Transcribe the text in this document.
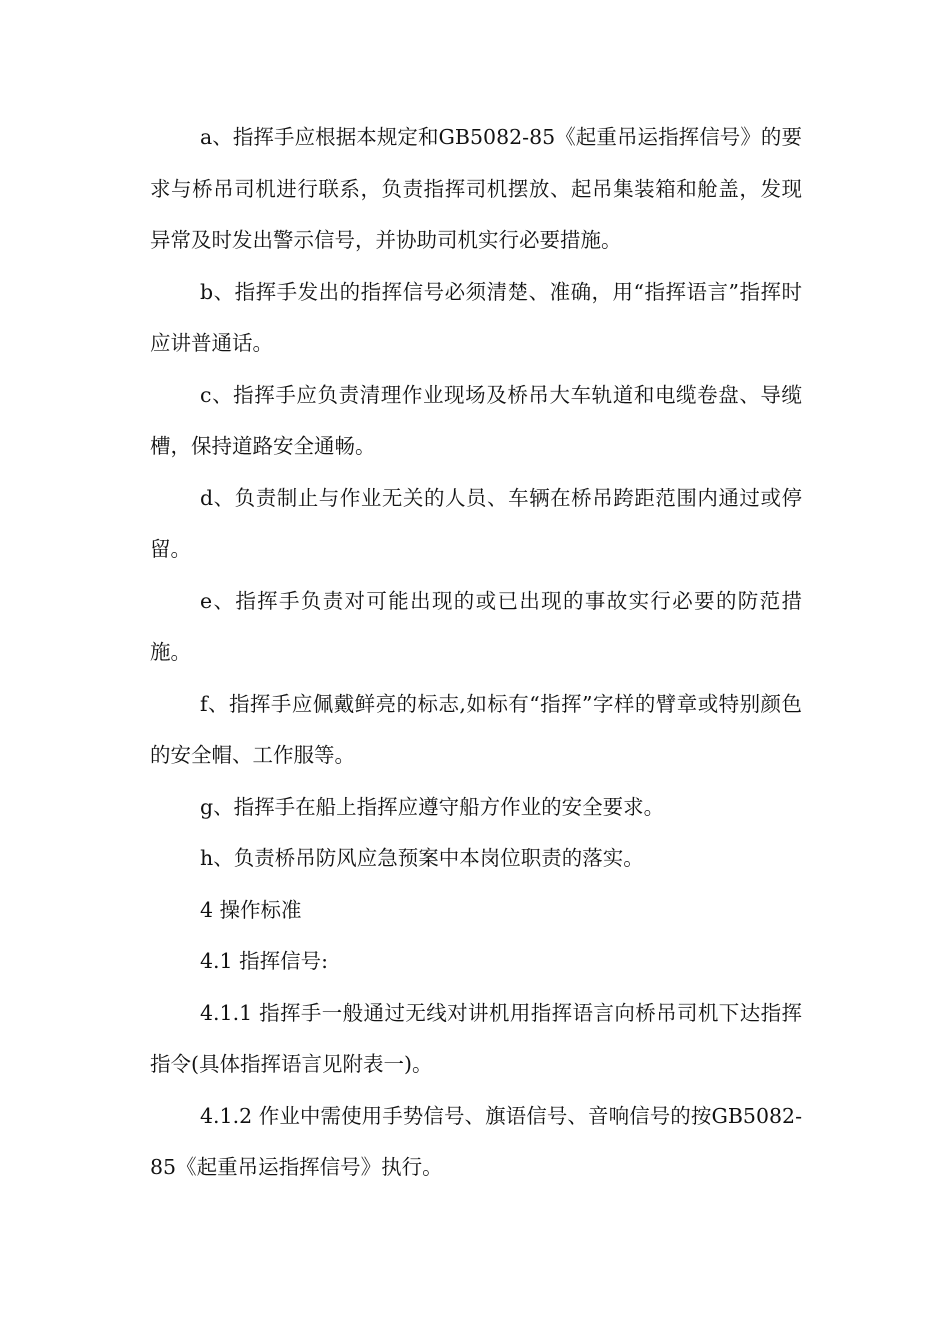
a、指挥手应根据本规定和GB5082-85《起重吊运指挥信号》的要求与桥吊司机进行联系，负责指挥司机摆放、起吊集装箱和舱盖，发现异常及时发出警示信号，并协助司机实行必要措施。

b、指挥手发出的指挥信号必须清楚、准确，用“指挥语言”指挥时应讲普通话。

c、指挥手应负责清理作业现场及桥吊大车轨道和电缆卷盘、导缆槽，保持道路安全通畅。

d、负责制止与作业无关的人员、车辆在桥吊跨距范围内通过或停留。

e、指挥手负责对可能出现的或已出现的事故实行必要的防范措施。

f、指挥手应佩戴鲜亮的标志,如标有“指挥”字样的臂章或特别颜色的安全帽、工作服等。

g、指挥手在船上指挥应遵守船方作业的安全要求。

h、负责桥吊防风应急预案中本岗位职责的落实。

4 操作标准

4.1 指挥信号:

4.1.1 指挥手一般通过无线对讲机用指挥语言向桥吊司机下达指挥指令(具体指挥语言见附表一)。

4.1.2 作业中需使用手势信号、旗语信号、音响信号的按GB5082-85《起重吊运指挥信号》执行。
